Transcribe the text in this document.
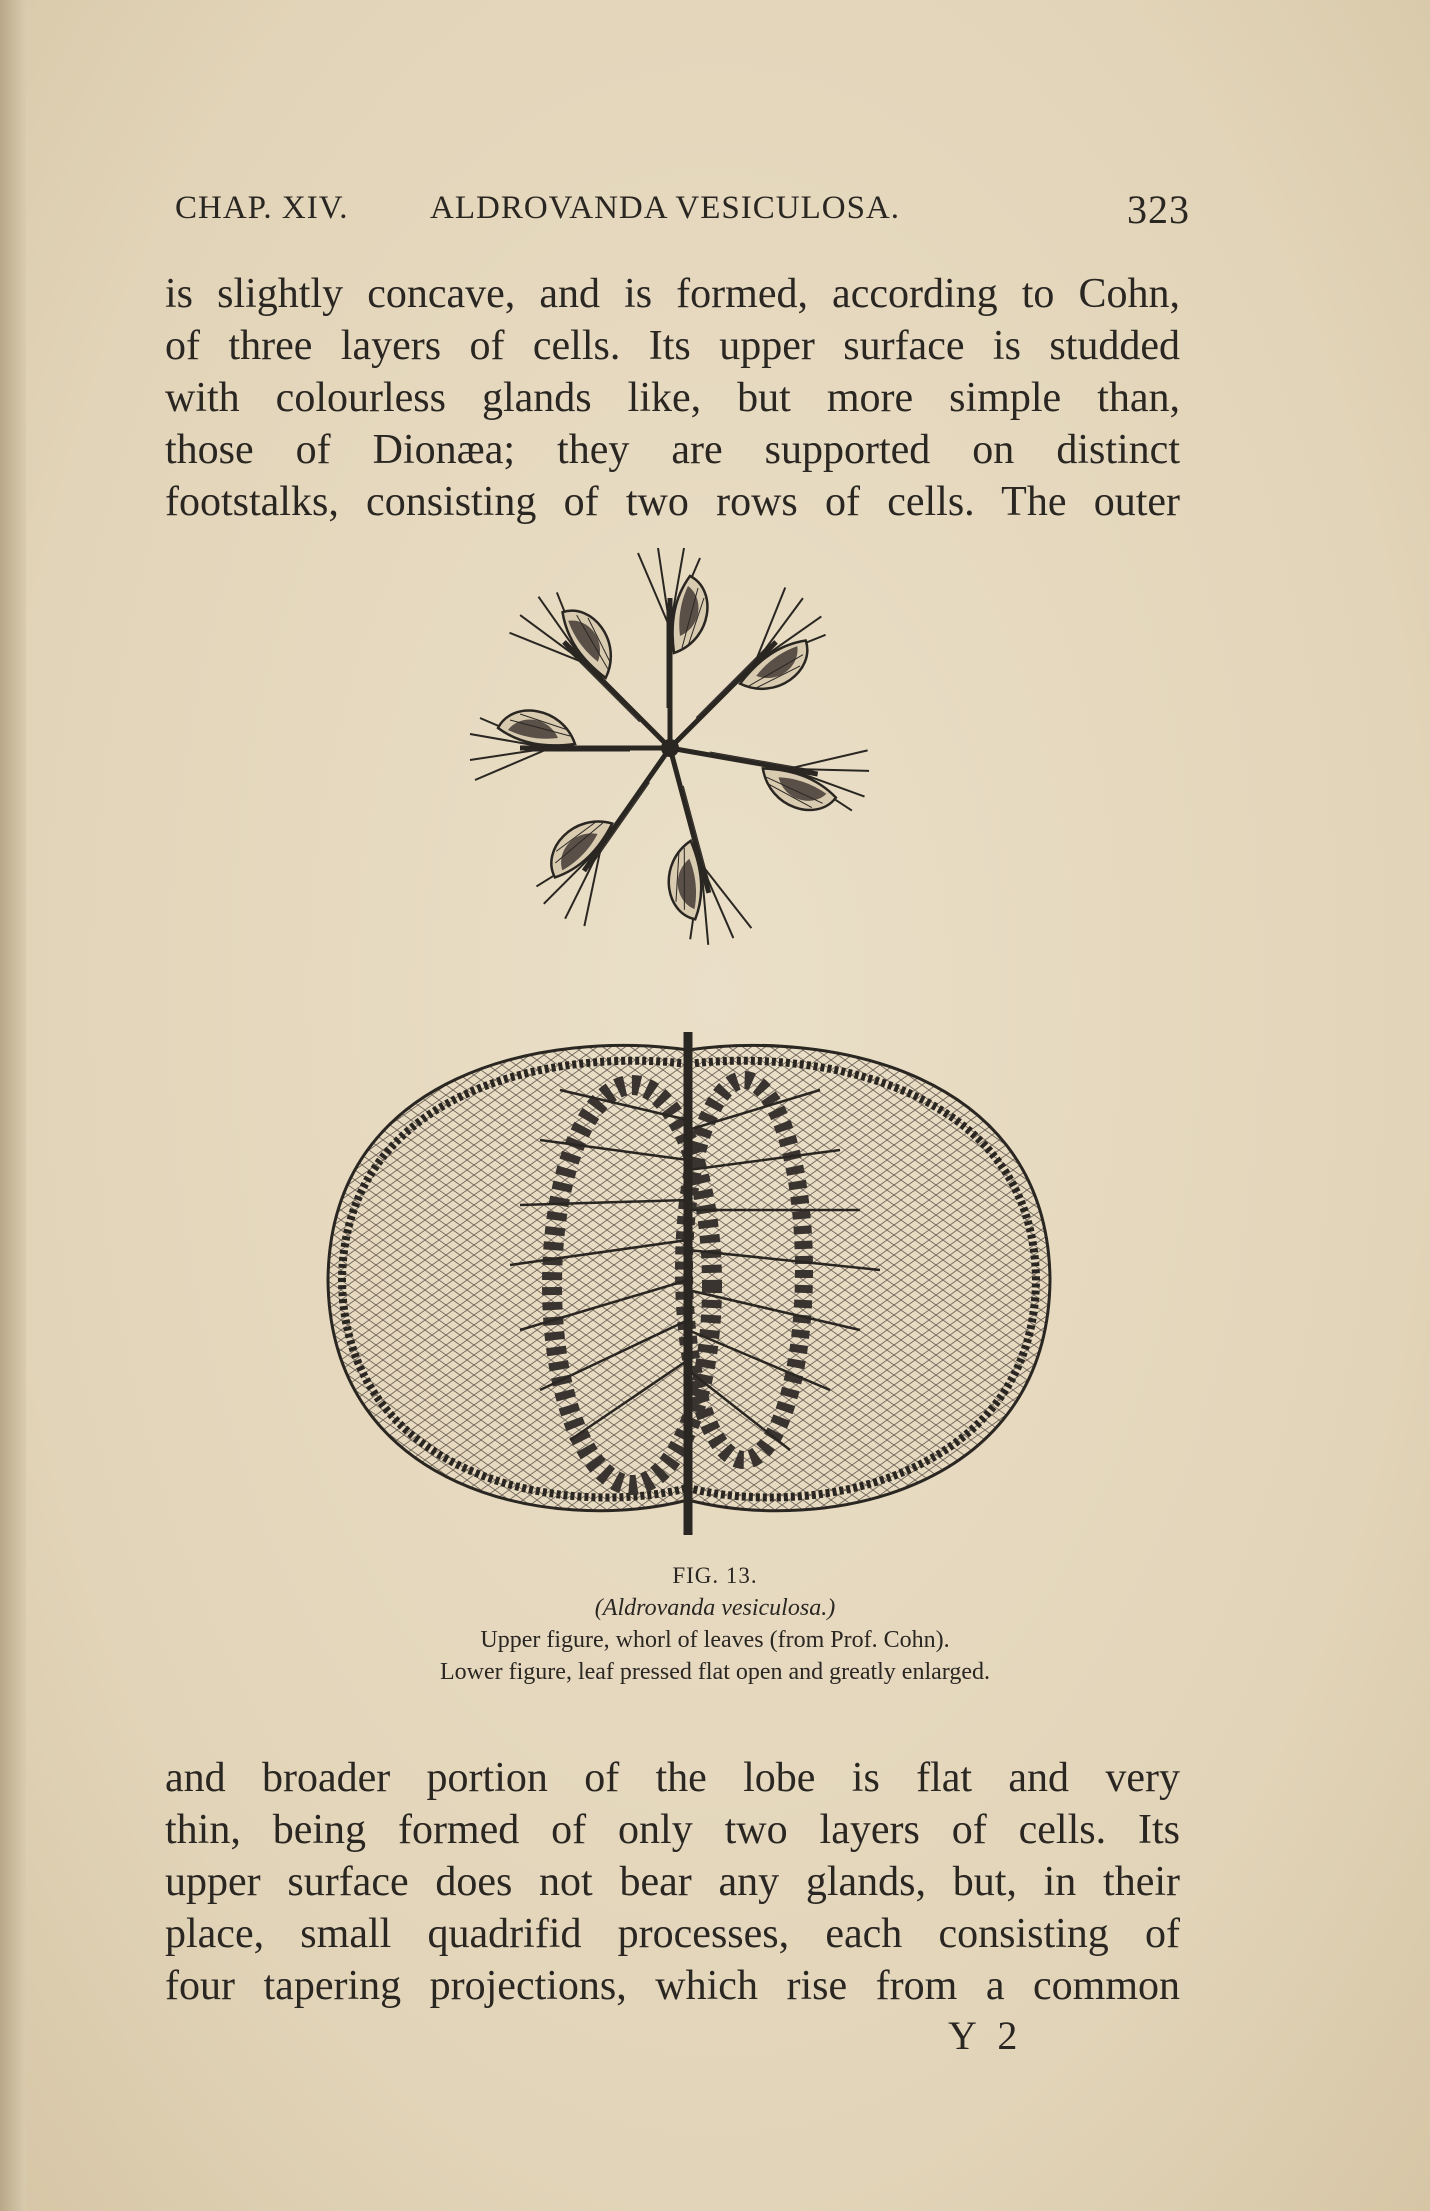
CHAP. XIV. ALDROVANDA VESICULOSA.	323
is slightly concave, and is formed, according to Cohn,
of three layers of cells. Its upper surface is studded
with colourless glands like, but more simple than,
those of Dionæa; they are supported on distinct
footstalks, consisting of two rows of cells. The outer
FIG. 13.
(Aldrovanda vesiculosa.)
Upper figure, whorl of leaves (from Prof. Cohn).
Lower figure, leaf pressed flat open and greatly enlarged.
and broader portion of the lobe is flat and very
thin, being formed of only two layers of cells. Its
upper surface does not bear any glands, but, in their
place, small quadrifid processes, each consisting of
four tapering projections, which rise from a common
Y 2
